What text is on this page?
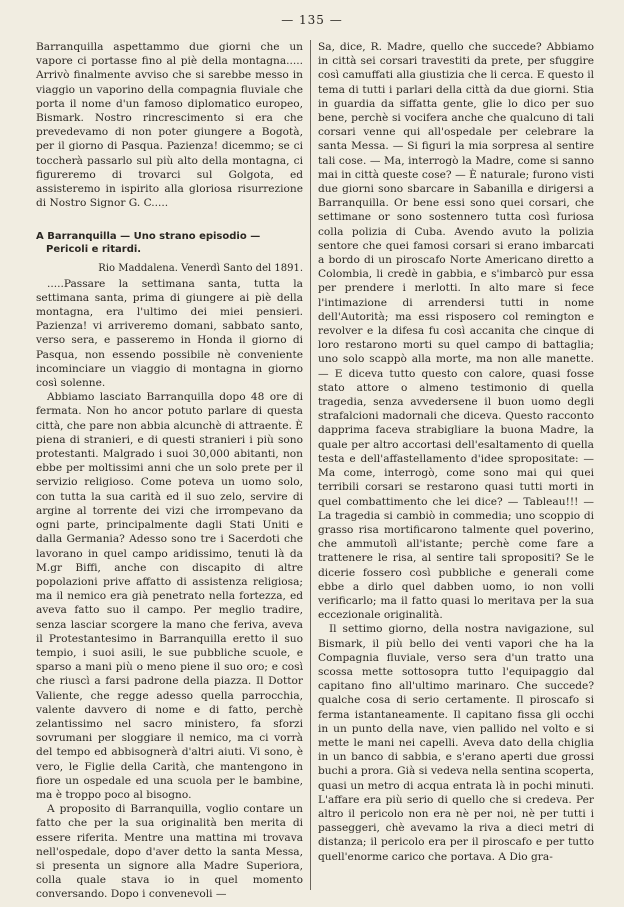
— 135 —

Barranquilla aspettammo due giorni che un vapore ci portasse fino al piè della montagna..... Arrivò finalmente avviso che si sarebbe messo in viaggio un vaporino della compagnia fluviale che porta il nome d'un famoso diplomatico europeo, Bismark. Nostro rincrescimento si era che prevedevamo di non poter giungere a Bogotà, per il giorno di Pasqua. Pazienza! dicemmo; se ci toccherà passarlo sul più alto della montagna, ci figureremo di trovarci sul Golgota, ed assisteremo in ispirito alla gloriosa risurrezione di Nostro Signor G. C.....

A Barranquilla — Uno strano episodio —
Pericoli e ritardi.

Rio Maddalena. Venerdì Santo del 1891.

.....Passare la settimana santa, tutta la settimana santa, prima di giungere ai piè della montagna, era l'ultimo dei miei pensieri. Pazienza! vi arriveremo domani, sabbato santo, verso sera, e passeremo in Honda il giorno di Pasqua, non essendo possibile nè conveniente incominciare un viaggio di montagna in giorno così solenne.

Abbiamo lasciato Barranquilla dopo 48 ore di fermata. Non ho ancor potuto parlare di questa città, che pare non abbia alcunchè di attraente. È piena di stranieri, e di questi stranieri i più sono protestanti. Malgrado i suoi 30,000 abitanti, non ebbe per moltissimi anni che un solo prete per il servizio religioso. Come poteva un uomo solo, con tutta la sua carità ed il suo zelo, servire di argine al torrente dei vizi che irrompevano da ogni parte, principalmente dagli Stati Uniti e dalla Germania? Adesso sono tre i Sacerdoti che lavorano in quel campo aridissimo, tenuti là da M.gr Biffi, anche con discapito di altre popolazioni prive affatto di assistenza religiosa; ma il nemico era già penetrato nella fortezza, ed aveva fatto suo il campo. Per meglio tradire, senza lasciar scorgere la mano che feriva, aveva il Protestantesimo in Barranquilla eretto il suo tempio, i suoi asili, le sue pubbliche scuole, e sparso a mani più o meno piene il suo oro; e così che riuscì a farsi padrone della piazza. Il Dottor Valiente, che regge adesso quella parrocchia, valente davvero di nome e di fatto, perchè zelantissimo nel sacro ministero, fa sforzi sovrumani per sloggiare il nemico, ma ci vorrà del tempo ed abbisognerà d'altri aiuti. Vi sono, è vero, le Figlie della Carità, che mantengono in fiore un ospedale ed una scuola per le bambine, ma è troppo poco al bisogno.

A proposito di Barranquilla, voglio contare un fatto che per la sua originalità ben merita di essere riferita. Mentre una mattina mi trovava nell'ospedale, dopo d'aver detto la santa Messa, si presenta un signore alla Madre Superiora, colla quale stava io in quel momento conversando. Dopo i convenevoli —

Sa, dice, R. Madre, quello che succede? Abbiamo in città sei corsari travestiti da prete, per sfuggire così camuffati alla giustizia che li cerca. E questo il tema di tutti i parlari della città da due giorni. Stia in guardia da siffatta gente, glie lo dico per suo bene, perchè si vocifera anche che qualcuno di tali corsari venne qui all'ospedale per celebrare la santa Messa. — Si figuri la mia sorpresa al sentire tali cose. — Ma, interrogò la Madre, come si sanno mai in città queste cose? — È naturale; furono visti due giorni sono sbarcare in Sabanilla e dirigersi a Barranquilla. Or bene essi sono quei corsari, che settimane or sono sostennero tutta così furiosa colla polizia di Cuba. Avendo avuto la polizia sentore che quei famosi corsari si erano imbarcati a bordo di un piroscafo Norte Americano diretto a Colombia, li credè in gabbia, e s'imbarcò pur essa per prendere i merlotti. In alto mare si fece l'intimazione di arrendersi tutti in nome dell'Autorità; ma essi risposero col remington e revolver e la difesa fu così accanita che cinque di loro restarono morti su quel campo di battaglia; uno solo scappò alla morte, ma non alle manette. — E diceva tutto questo con calore, quasi fosse stato attore o almeno testimonio di quella tragedia, senza avvedersene il buon uomo degli strafalcioni madornali che diceva. Questo racconto dapprima faceva strabigliare la buona Madre, la quale per altro accortasi dell'esaltamento di quella testa e dell'affastellamento d'idee spropositate: — Ma come, interrogò, come sono mai qui quei terribili corsari se restarono quasi tutti morti in quel combattimento che lei dice? — Tableau!!! — La tragedia si cambiò in commedia; uno scoppio di grasso risa mortificarono talmente quel poverino, che ammutolì all'istante; perchè come fare a trattenere le risa, al sentire tali spropositi? Se le dicerie fossero così pubbliche e generali come ebbe a dirlo quel dabben uomo, io non volli verificarlo; ma il fatto quasi lo meritava per la sua eccezionale originalità.

Il settimo giorno, della nostra navigazione, sul Bismark, il più bello dei venti vapori che ha la Compagnia fluviale, verso sera d'un tratto una scossa mette sottosopra tutto l'equipaggio dal capitano fino all'ultimo marinaro. Che succede? qualche cosa di serio certamente. Il piroscafo si ferma istantaneamente. Il capitano fissa gli occhi in un punto della nave, vien pallido nel volto e si mette le mani nei capelli. Aveva dato della chiglia in un banco di sabbia, e s'erano aperti due grossi buchi a prora. Già si vedeva nella sentina scoperta, quasi un metro di acqua entrata là in pochi minuti. L'affare era più serio di quello che si credeva. Per altro il pericolo non era nè per noi, nè per tutti i passeggeri, chè avevamo la riva a dieci metri di distanza; il pericolo era per il piroscafo e per tutto quell'enorme carico che portava. A Dio gra-
